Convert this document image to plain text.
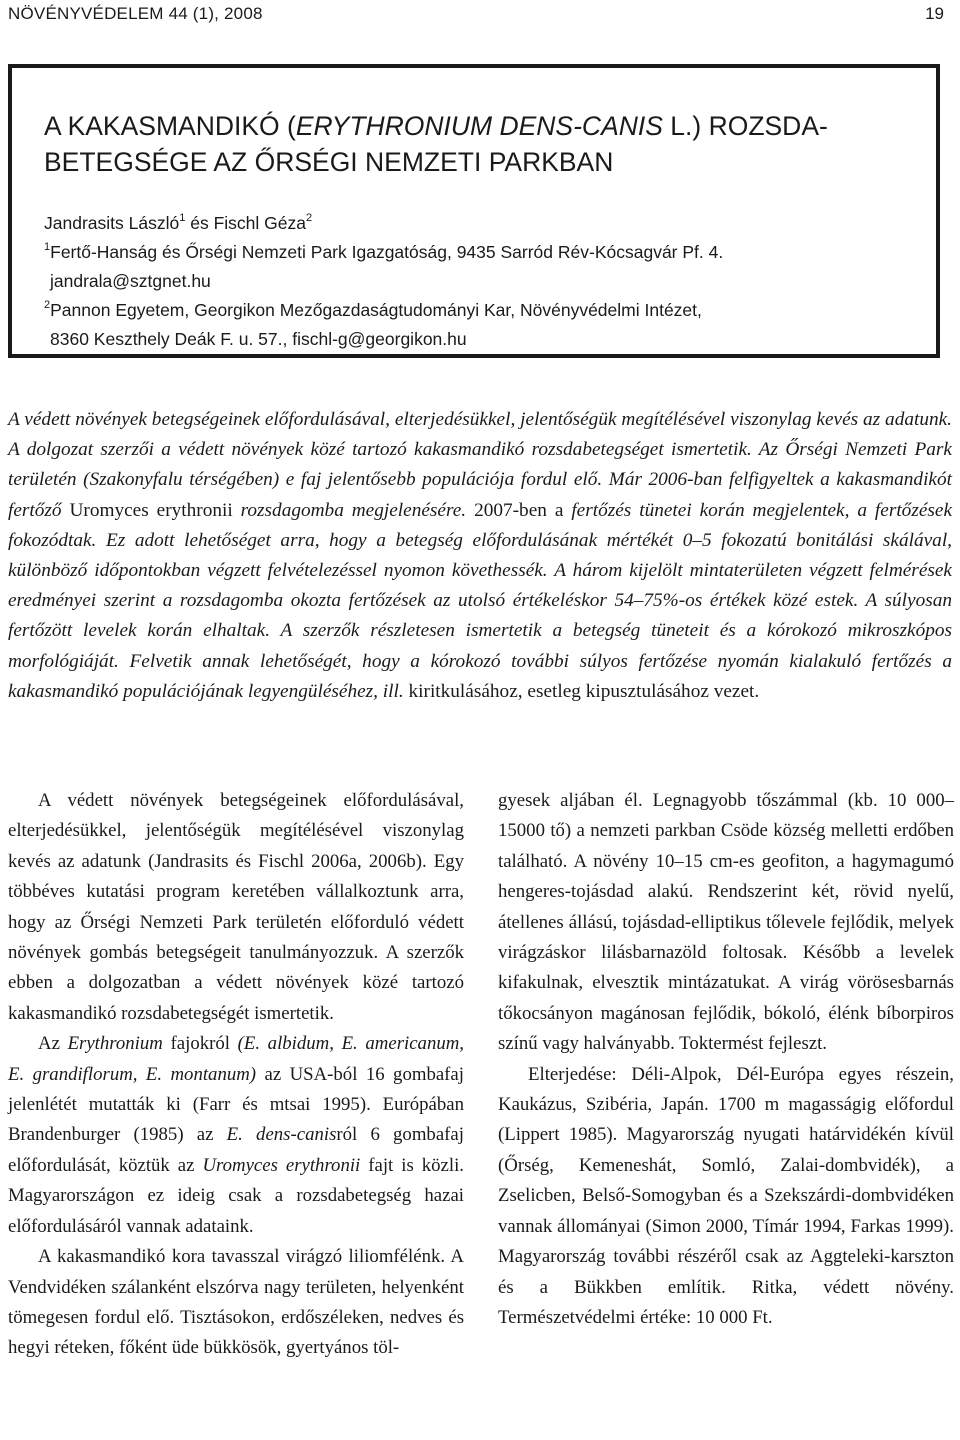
NÖVÉNYVÉDELEM 44 (1), 2008	19
A KAKASMANDIKÓ (ERYTHRONIUM DENS-CANIS L.) ROZSDA-
BETEGSÉGE AZ ŐRSÉGI NEMZETI PARKBAN
Jandrasits László$^1$ és Fischl Géza$^2$
$^1$Fertő-Hanság és Őrségi Nemzeti Park Igazgatóság, 9435 Sarród Rév-Kócsagvár Pf. 4.
jandrala@sztgnet.hu
$^2$Pannon Egyetem, Georgikon Mezőgazdaságtudományi Kar, Növényvédelmi Intézet,
8360 Keszthely Deák F. u. 57., fischl-g@georgikon.hu
A védett növények betegségeinek előfordulásával, elterjedésükkel, jelentőségük megítélésével viszonylag kevés az adatunk. A dolgozat szerzői a védett növények közé tartozó kakasmandikó rozsdabetegséget ismertetik. Az Őrségi Nemzeti Park területén (Szakonyfalu térségében) e faj jelentősebb populációja fordul elő. Már 2006-ban felfigyeltek a kakasmandikót fertőző Uromyces erythronii rozsdagomba megjelenésére. 2007-ben a fertőzés tünetei korán megjelentek, a fertőzések fokozódtak. Ez adott lehetőséget arra, hogy a betegség előfordulásának mértékét 0–5 fokozatú bonitálási skálával, különböző időpontokban végzett felvételezéssel nyomon követhessék. A három kijelölt mintaterületen végzett felmérések eredményei szerint a rozsdagomba okozta fertőzések az utolsó értékeléskor 54–75%-os értékek közé estek. A súlyosan fertőzött levelek korán elhaltak. A szerzők részletesen ismertetik a betegség tüneteit és a kórokozó mikroszkópos morfológiáját. Felvetik annak lehetőségét, hogy a kórokozó további súlyos fertőzése nyomán kialakuló fertőzés a kakasmandikó populációjának legyengüléséhez, ill. kiritkulásához, esetleg kipusztulásához vezet.

A védett növények betegségeinek előfordulásával, elterjedésükkel, jelentőségük megítélésével viszonylag kevés az adatunk (Jandrasits és Fischl 2006a, 2006b). Egy többéves kutatási program keretében vállalkoztunk arra, hogy az Őrségi Nemzeti Park területén előforduló védett növények gombás betegségeit tanulmányozzuk. A szerzők ebben a dolgozatban a védett növények közé tartozó kakasmandikó rozsdabetegségét ismertetik.

Az Erythronium fajokról (E. albidum, E. americanum, E. grandiflorum, E. montanum) az USA-ból 16 gombafaj jelenlétét mutatták ki (Farr és mtsai 1995). Európában Brandenburger (1985) az E. dens-canisról 6 gombafaj előfordulását, köztük az Uromyces erythronii fajt is közli. Magyarországon ez ideig csak a rozsdabetegség hazai előfordulásáról vannak adataink.

A kakasmandikó kora tavasszal virágzó liliomfélénk. A Vendvidéken szálanként elszórva nagy területen, helyenként tömegesen fordul elő. Tisztásokon, erdőszéleken, nedves és hegyi réteken, főként üde bükkösök, gyertyános töl-

gyesek aljában él. Legnagyobb tőszámmal (kb. 10 000–15000 tő) a nemzeti parkban Csöde község melletti erdőben található. A növény 10–15 cm-es geofiton, a hagymagumó hengeres-tojásdad alakú. Rendszerint két, rövid nyelű, átellenes állású, tojásdad-elliptikus tőlevele fejlődik, melyek virágzáskor lilásbarnazöld foltosak. Később a levelek kifakulnak, elvesztik mintázatukat. A virág vörösesbarnás tőkocsányon magánosan fejlődik, bókoló, élénk bíborpiros színű vagy halványabb. Toktermést fejleszt.

Elterjedése: Déli-Alpok, Dél-Európa egyes részein, Kaukázus, Szibéria, Japán. 1700 m magasságig előfordul (Lippert 1985). Magyarország nyugati határvidékén kívül (Őrség, Kemeneshát, Somló, Zalai-dombvidék), a Zselicben, Belső-Somogyban és a Szekszárdi-dombvidéken vannak állományai (Simon 2000, Tímár 1994, Farkas 1999). Magyarország további részéről csak az Aggteleki-karszton és a Bükkben említik. Ritka, védett növény. Természetvédelmi értéke: 10 000 Ft.
